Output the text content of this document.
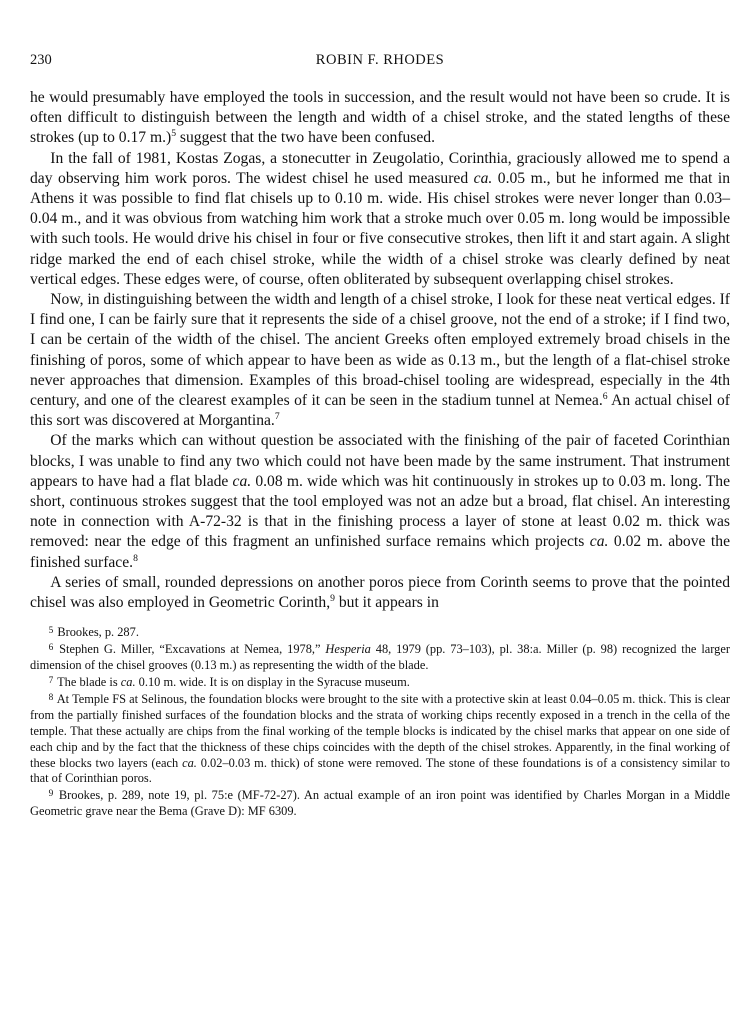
230	ROBIN F. RHODES

he would presumably have employed the tools in succession, and the result would not have been so crude. It is often difficult to distinguish between the length and width of a chisel stroke, and the stated lengths of these strokes (up to 0.17 m.)$^5$ suggest that the two have been confused.

In the fall of 1981, Kostas Zogas, a stonecutter in Zeugolatio, Corinthia, graciously allowed me to spend a day observing him work poros. The widest chisel he used measured ca. 0.05 m., but he informed me that in Athens it was possible to find flat chisels up to 0.10 m. wide. His chisel strokes were never longer than 0.03–0.04 m., and it was obvious from watching him work that a stroke much over 0.05 m. long would be impossible with such tools. He would drive his chisel in four or five consecutive strokes, then lift it and start again. A slight ridge marked the end of each chisel stroke, while the width of a chisel stroke was clearly defined by neat vertical edges. These edges were, of course, often obliterated by subsequent overlapping chisel strokes.

Now, in distinguishing between the width and length of a chisel stroke, I look for these neat vertical edges. If I find one, I can be fairly sure that it represents the side of a chisel groove, not the end of a stroke; if I find two, I can be certain of the width of the chisel. The ancient Greeks often employed extremely broad chisels in the finishing of poros, some of which appear to have been as wide as 0.13 m., but the length of a flat-chisel stroke never approaches that dimension. Examples of this broad-chisel tooling are widespread, especially in the 4th century, and one of the clearest examples of it can be seen in the stadium tunnel at Nemea.$^6$ An actual chisel of this sort was discovered at Morgantina.$^7$

Of the marks which can without question be associated with the finishing of the pair of faceted Corinthian blocks, I was unable to find any two which could not have been made by the same instrument. That instrument appears to have had a flat blade ca. 0.08 m. wide which was hit continuously in strokes up to 0.03 m. long. The short, continuous strokes suggest that the tool employed was not an adze but a broad, flat chisel. An interesting note in connection with A-72-32 is that in the finishing process a layer of stone at least 0.02 m. thick was removed: near the edge of this fragment an unfinished surface remains which projects ca. 0.02 m. above the finished surface.$^8$

A series of small, rounded depressions on another poros piece from Corinth seems to prove that the pointed chisel was also employed in Geometric Corinth,$^9$ but it appears in

$^5$ Brookes, p. 287.

$^6$ Stephen G. Miller, “Excavations at Nemea, 1978,” Hesperia 48, 1979 (pp. 73–103), pl. 38:a. Miller (p. 98) recognized the larger dimension of the chisel grooves (0.13 m.) as representing the width of the blade.

$^7$ The blade is ca. 0.10 m. wide. It is on display in the Syracuse museum.

$^8$ At Temple FS at Selinous, the foundation blocks were brought to the site with a protective skin at least 0.04–0.05 m. thick. This is clear from the partially finished surfaces of the foundation blocks and the strata of working chips recently exposed in a trench in the cella of the temple. That these actually are chips from the final working of the temple blocks is indicated by the chisel marks that appear on one side of each chip and by the fact that the thickness of these chips coincides with the depth of the chisel strokes. Apparently, in the final working of these blocks two layers (each ca. 0.02–0.03 m. thick) of stone were removed. The stone of these foundations is of a consistency similar to that of Corinthian poros.

$^9$ Brookes, p. 289, note 19, pl. 75:e (MF-72-27). An actual example of an iron point was identified by Charles Morgan in a Middle Geometric grave near the Bema (Grave D): MF 6309.
